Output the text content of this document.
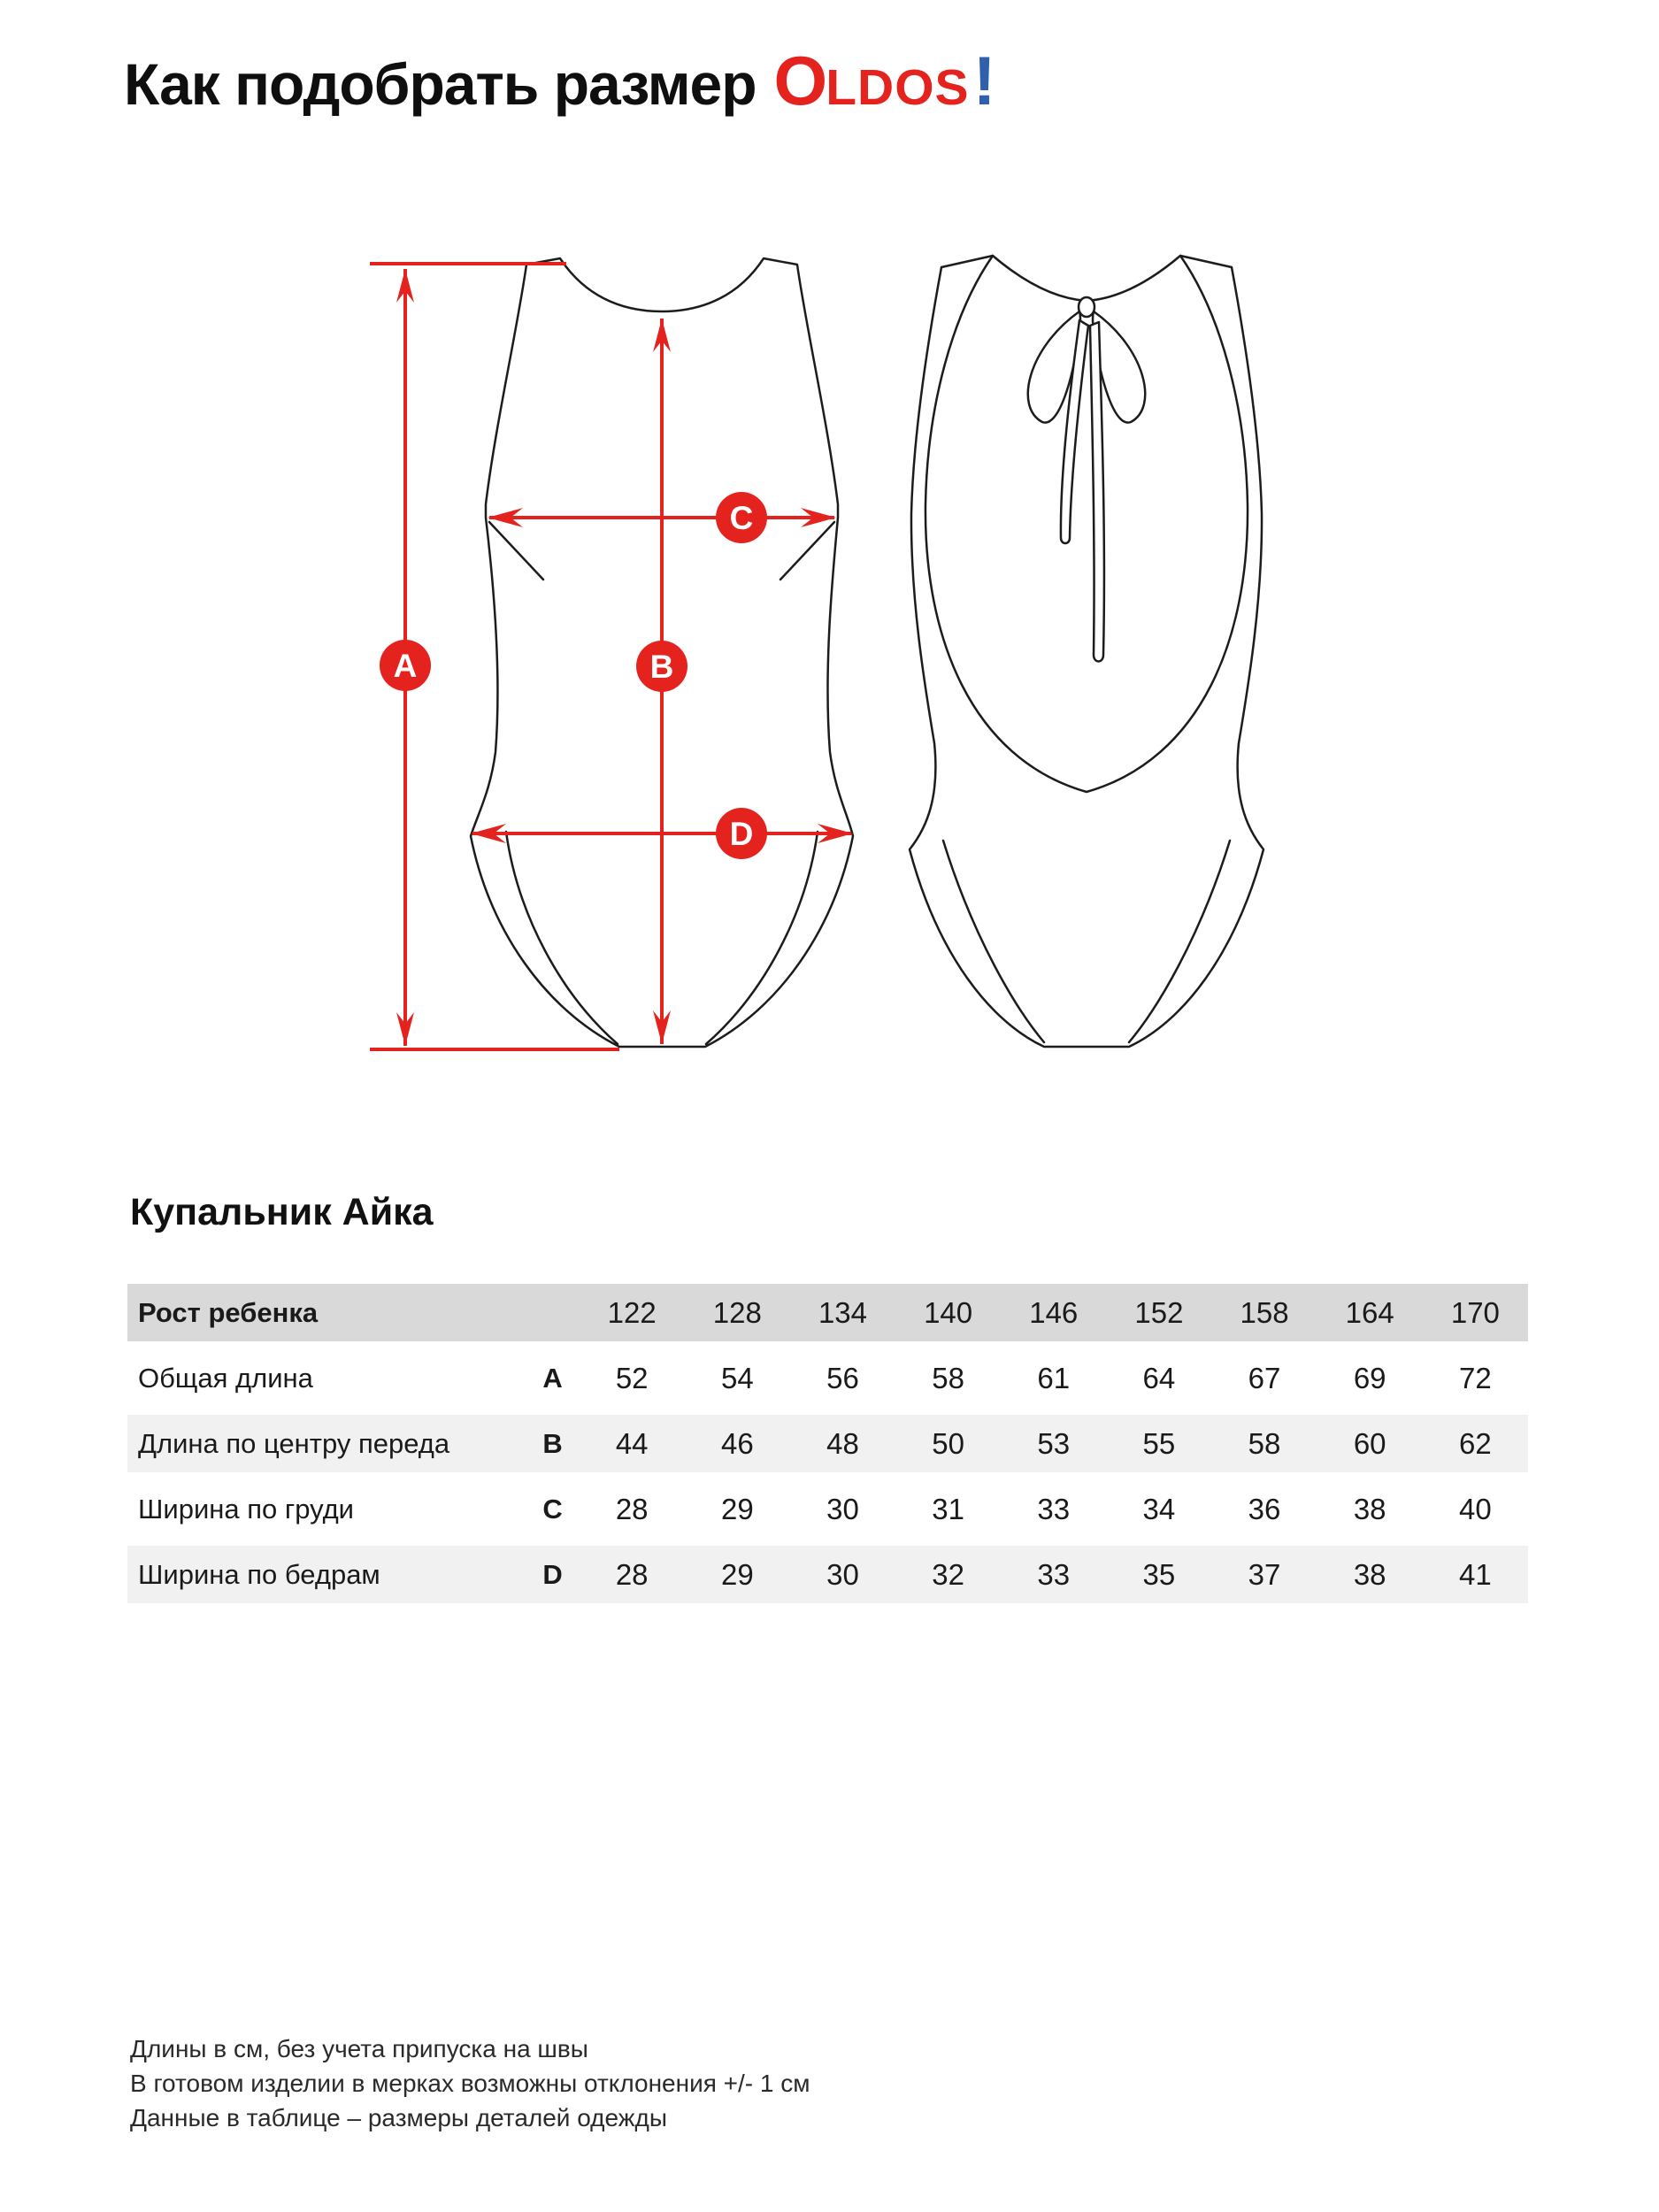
Как подобрать размер O LDOS !
A	B
C
D
Купальник Айка
Рост ребенка		122	128	134	140	146	152	158	164	170
Общая длина	A	52	54	56	58	61	64	67	69	72
Длина по центру переда	B	44	46	48	50	53	55	58	60	62
Ширина по груди	C	28	29	30	31	33	34	36	38	40
Ширина по бедрам	D	28	29	30	32	33	35	37	38	41
Длины в см, без учета припуска на швы
В готовом изделии в мерках возможны отклонения +/- 1 см
Данные в таблице – размеры деталей одежды
